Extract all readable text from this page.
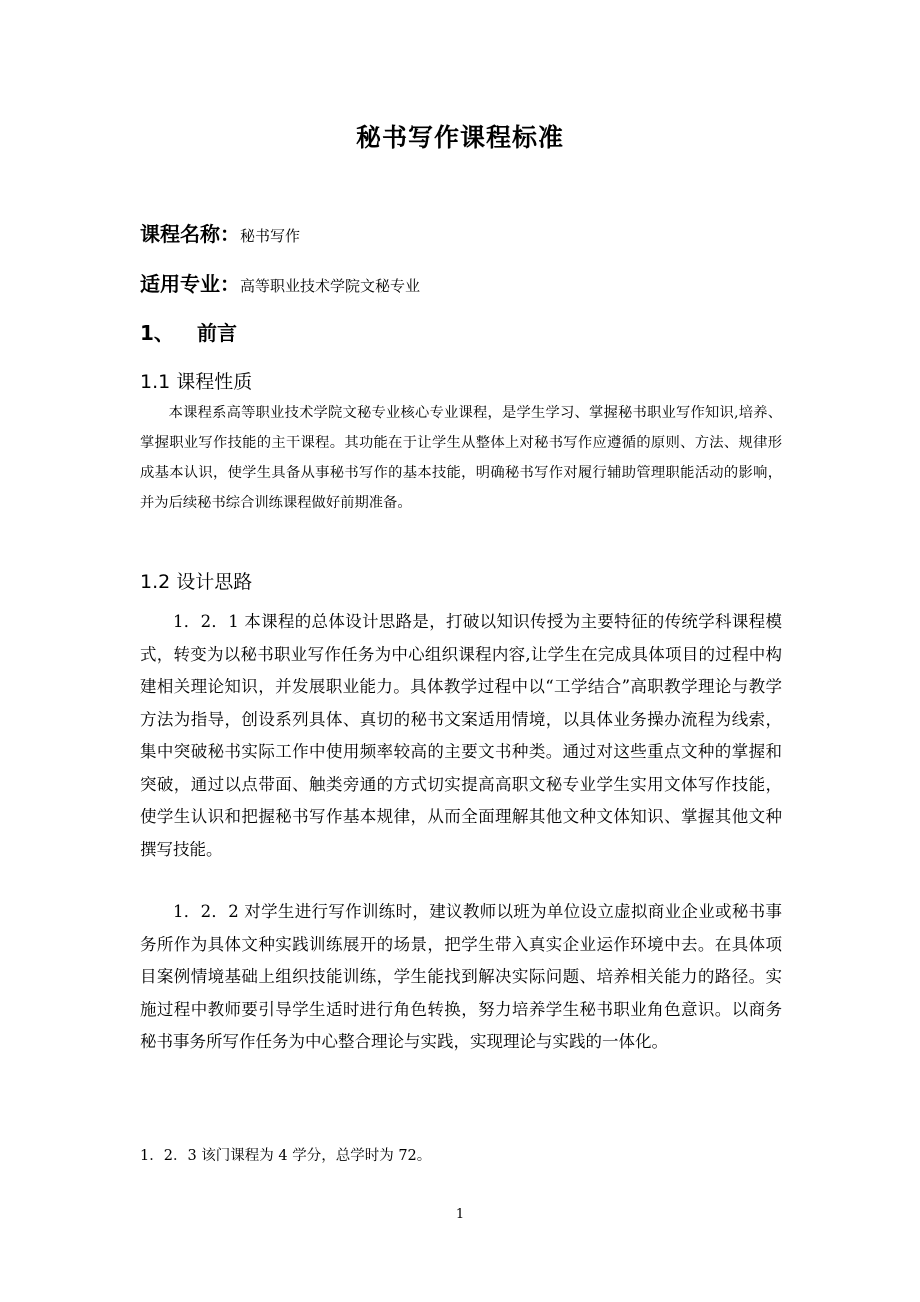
秘书写作课程标准
课程名称：秘书写作
适用专业：高等职业技术学院文秘专业
1、 前言
1.1 课程性质
本课程系高等职业技术学院文秘专业核心专业课程，是学生学习、掌握秘书职业写作知识,培养、掌握职业写作技能的主干课程。其功能在于让学生从整体上对秘书写作应遵循的原则、方法、规律形成基本认识，使学生具备从事秘书写作的基本技能，明确秘书写作对履行辅助管理职能活动的影响，并为后续秘书综合训练课程做好前期准备。
1.2 设计思路
1．2．1 本课程的总体设计思路是，打破以知识传授为主要特征的传统学科课程模式，转变为以秘书职业写作任务为中心组织课程内容,让学生在完成具体项目的过程中构建相关理论知识，并发展职业能力。具体教学过程中以“工学结合”高职教学理论与教学方法为指导，创设系列具体、真切的秘书文案适用情境，以具体业务操办流程为线索，集中突破秘书实际工作中使用频率较高的主要文书种类。通过对这些重点文种的掌握和突破，通过以点带面、触类旁通的方式切实提高高职文秘专业学生实用文体写作技能，使学生认识和把握秘书写作基本规律，从而全面理解其他文种文体知识、掌握其他文种撰写技能。
1．2．2 对学生进行写作训练时，建议教师以班为单位设立虚拟商业企业或秘书事务所作为具体文种实践训练展开的场景，把学生带入真实企业运作环境中去。在具体项目案例情境基础上组织技能训练，学生能找到解决实际问题、培养相关能力的路径。实施过程中教师要引导学生适时进行角色转换，努力培养学生秘书职业角色意识。以商务秘书事务所写作任务为中心整合理论与实践，实现理论与实践的一体化。
1．2．3 该门课程为 4 学分，总学时为 72。
1
